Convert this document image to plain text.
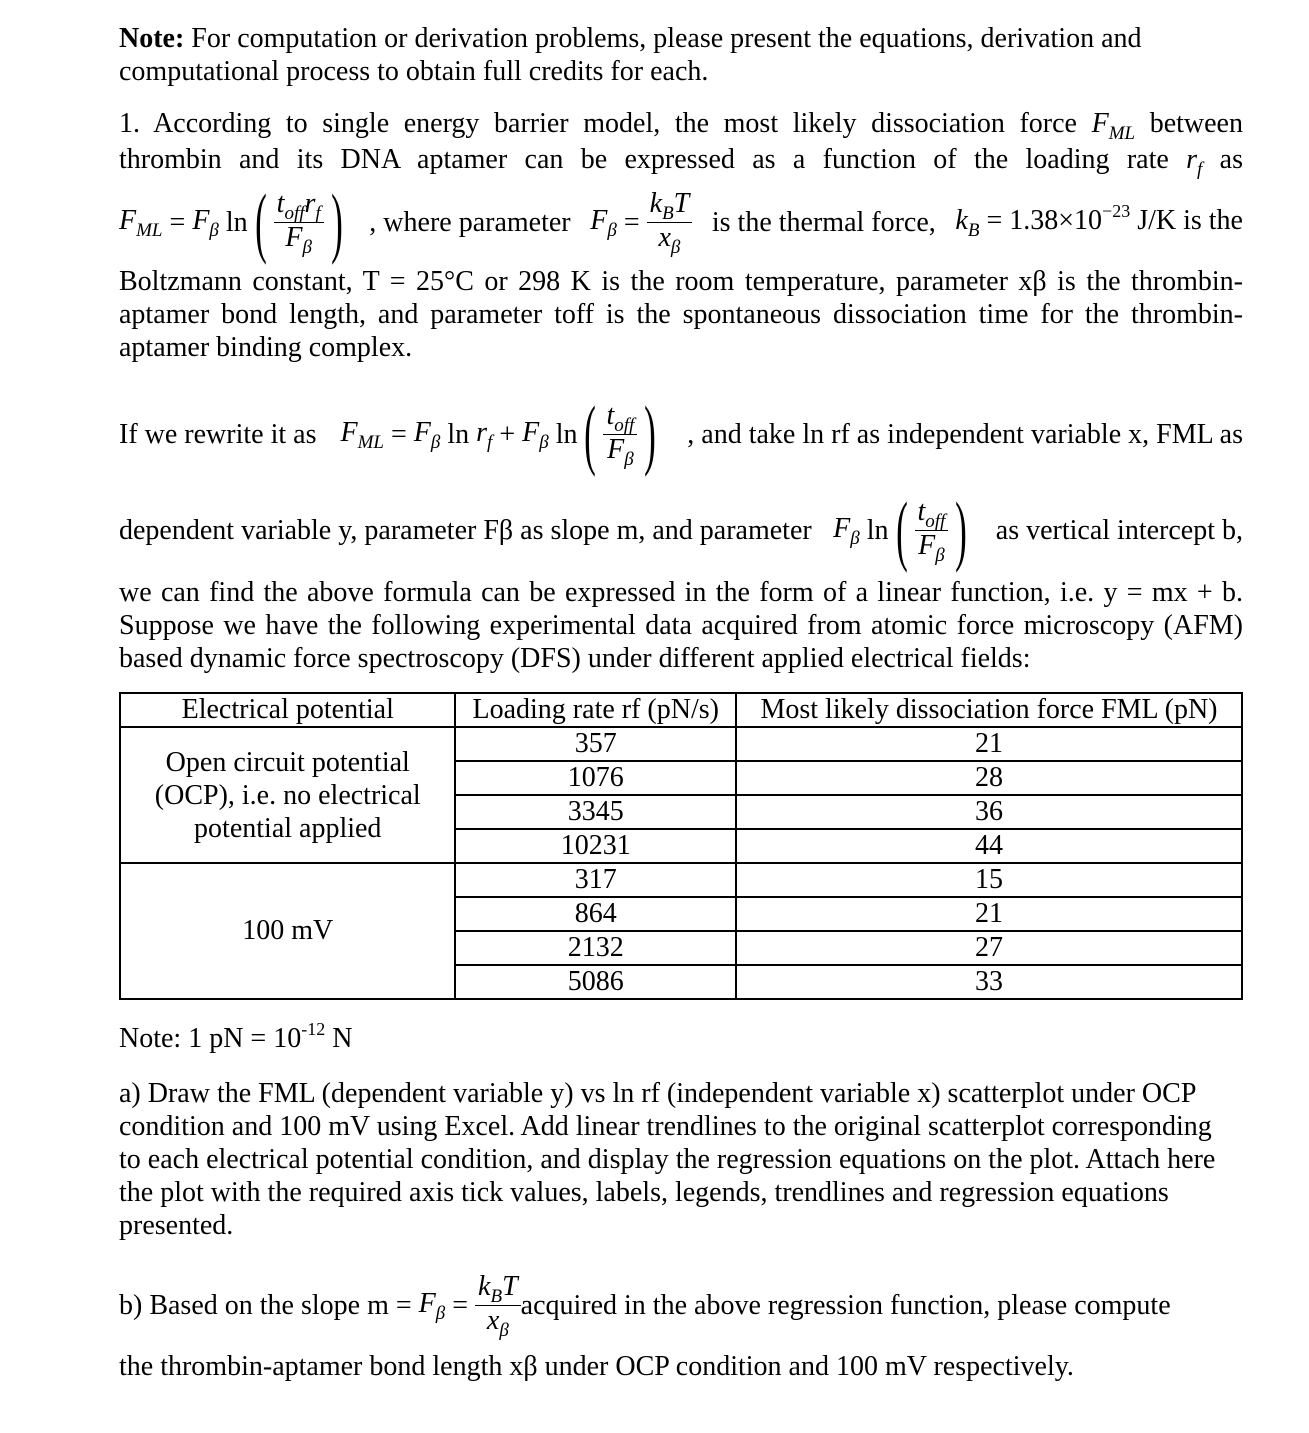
Note: For computation or derivation problems, please present the equations, derivation and computational process to obtain full credits for each.

1. According to single energy barrier model, the most likely dissociation force $F_{ML}$ between

thrombin and its DNA aptamer can be expressed as a function of the loading rate $r_f$ as

$F_{ML} = F_\beta$ ln ( $\frac{t_{off}r_f}{F_\beta}$ ) , where parameter $F_\beta = \frac{k_BT}{x_\beta}$ is the thermal force, $k_B = 1.38\times 10^{-23}$ J/K is the

Boltzmann constant, T = 25°C or 298 K is the room temperature, parameter xβ is the thrombin-

aptamer bond length, and parameter toff is the spontaneous dissociation time for the thrombin-

aptamer binding complex.

If we rewrite it as $F_{ML} = F_\beta$ $\ln r_f + F_\beta$ ln ( $\frac{t_{off}}{F_\beta}$ ) , and take ln rf as independent variable x, FML as
dependent variable y, parameter Fβ as slope m, and parameter $F_\beta$ ln ( $\frac{t_{off}}{F_\beta}$ ) as vertical intercept b,

we can find the above formula can be expressed in the form of a linear function, i.e. y = mx + b.

Suppose we have the following experimental data acquired from atomic force microscopy (AFM)

based dynamic force spectroscopy (DFS) under different applied electrical fields:

Electrical potential	Loading rate rf (pN/s)	Most likely dissociation force FML (pN)
Open circuit potential (OCP), i.e. no electrical potential applied	357	21
	1076	28
	3345	36
	10231	44
100 mV	317	15
	864	21
	2132	27
	5086	33

Note: 1 pN = $10^{-12}$ N

a) Draw the FML (dependent variable y) vs ln rf (independent variable x) scatterplot under OCP condition and 100 mV using Excel. Add linear trendlines to the original scatterplot corresponding to each electrical potential condition, and display the regression equations on the plot. Attach here the plot with the required axis tick values, labels, legends, trendlines and regression equations presented.

b) Based on the slope m =
$F_\beta = \frac{k_BT}{x_\beta}$ acquired in the above regression function, please compute

the thrombin-aptamer bond length xβ under OCP condition and 100 mV respectively.
